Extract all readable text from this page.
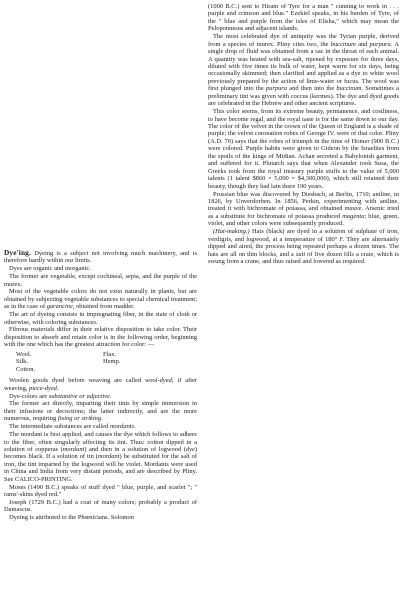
Dye'ing. Dyeing is a subject not involving much machinery, and is therefore hardly within our limits.

Dyes are organic and inorganic.

The former are vegetable, except cochineal, sepia, and the purple of the murex.

Most of the vegetable colors do not exist naturally in plants, but are obtained by subjecting vegetable substances to special chemical treatment; as in the case of garancine, obtained from madder.

The art of dyeing consists in impregnating fiber, in the state of cloth or otherwise, with coloring substances.

Fibrous materials differ in their relative disposition to take color. Their disposition to absorb and retain color is in the following order, beginning with the one which has the greatest attraction for color: —

Wool.	Flax.
Silk.	Hemp.
Cotton.

Woolen goods dyed before weaving are called wool-dyed; if after weaving, piece-dyed.

Dye-colors are substantive or adjective.

The former act directly, imparting their tints by simple immersion in their infusions or decoctions; the latter indirectly, and are the more numerous, requiring fixing or striking.

The intermediate substances are called mordants.

The mordant is first applied, and causes the dye which follows to adhere to the fiber, often singularly affecting its tint. Thus: cotton dipped in a solution of copperas (mordant) and then in a solution of logwood (dye) becomes black. If a solution of tin (mordant) be substituted for the salt of iron, the tint imparted by the logwood will be violet. Mordants were used in China and India from very distant periods, and are described by Pliny. See CALICO-PRINTING.

Moses (1490 B.C.) speaks of stuff dyed " blue, purple, and scarlet "; " rams'-skins dyed red."

Joseph (1729 B.C.) had a coat of many colors; probably a product of Damascus.

Dyeing is attributed to the Phœnicians. Solomon

(1000 B.C.) sent to Hiram of Tyre for a man " cunning to work in . . . purple and crimson and blue." Ezekiel speaks, in his burden of Tyre, of the " blue and purple from the isles of Elisha," which may mean the Peloponnesus and adjacent islands.

The most celebrated dye of antiquity was the Tyrian purple, derived from a species of murex. Pliny cites two, the buccinum and purpura. A single drop of fluid was obtained from a sac in the throat of each animal. A quantity was heated with sea-salt, ripened by exposure for three days, diluted with five times its bulk of water, kept warm for six days, being occasionally skimmed; then clarified and applied as a dye to white wool previously prepared by the action of lime-water or fucus. The wool was first plunged into the purpura and then into the buccinum. Sometimes a preliminary tint was given with coccus (kermes). The dye and dyed goods are celebrated in the Hebrew and other ancient scriptures.

This color seems, from its extreme beauty, permanence, and costliness, to have become regal, and the royal taste is for the same down to our day. The color of the velvet in the crown of the Queen of England is a shade of purple; the velvet coronation robes of George IV. were of that color. Pliny (A.D. 70) says that the robes of triumph in the time of Homer (900 B.C.) were colored. Purple habits were given to Gideon by the Israelites from the spoils of the kings of Midian. Achan secreted a Babylonish garment, and suffered for it. Plutarch says that when Alexander took Susa, the Greeks took from the royal treasury purple stuffs to the value of 5,000 talents (1 talent $860 × 5,000 = $4,300,000), which still retained their beauty, though they had lain there 190 years.

Prussian blue was discovered by Diesbach, at Berlin, 1710; aniline, in 1826, by Unverdorben. In 1856, Perkin, experimenting with aniline, treated it with bichromate of potassa, and obtained mauve. Arsenic tried as a substitute for bichromate of potassa produced magenta; blue, green, violet, and other colors were subsequently produced.

(Hat-making.) Hats (black) are dyed in a solution of sulphate of iron, verdigris, and logwood, at a temperature of 180° F. They are alternately dipped and aired, the process being repeated perhaps a dozen times. The hats are all on thin blocks, and a suit of five dozen fills a crate, which is swung from a crane, and thus raised and lowered as required.
